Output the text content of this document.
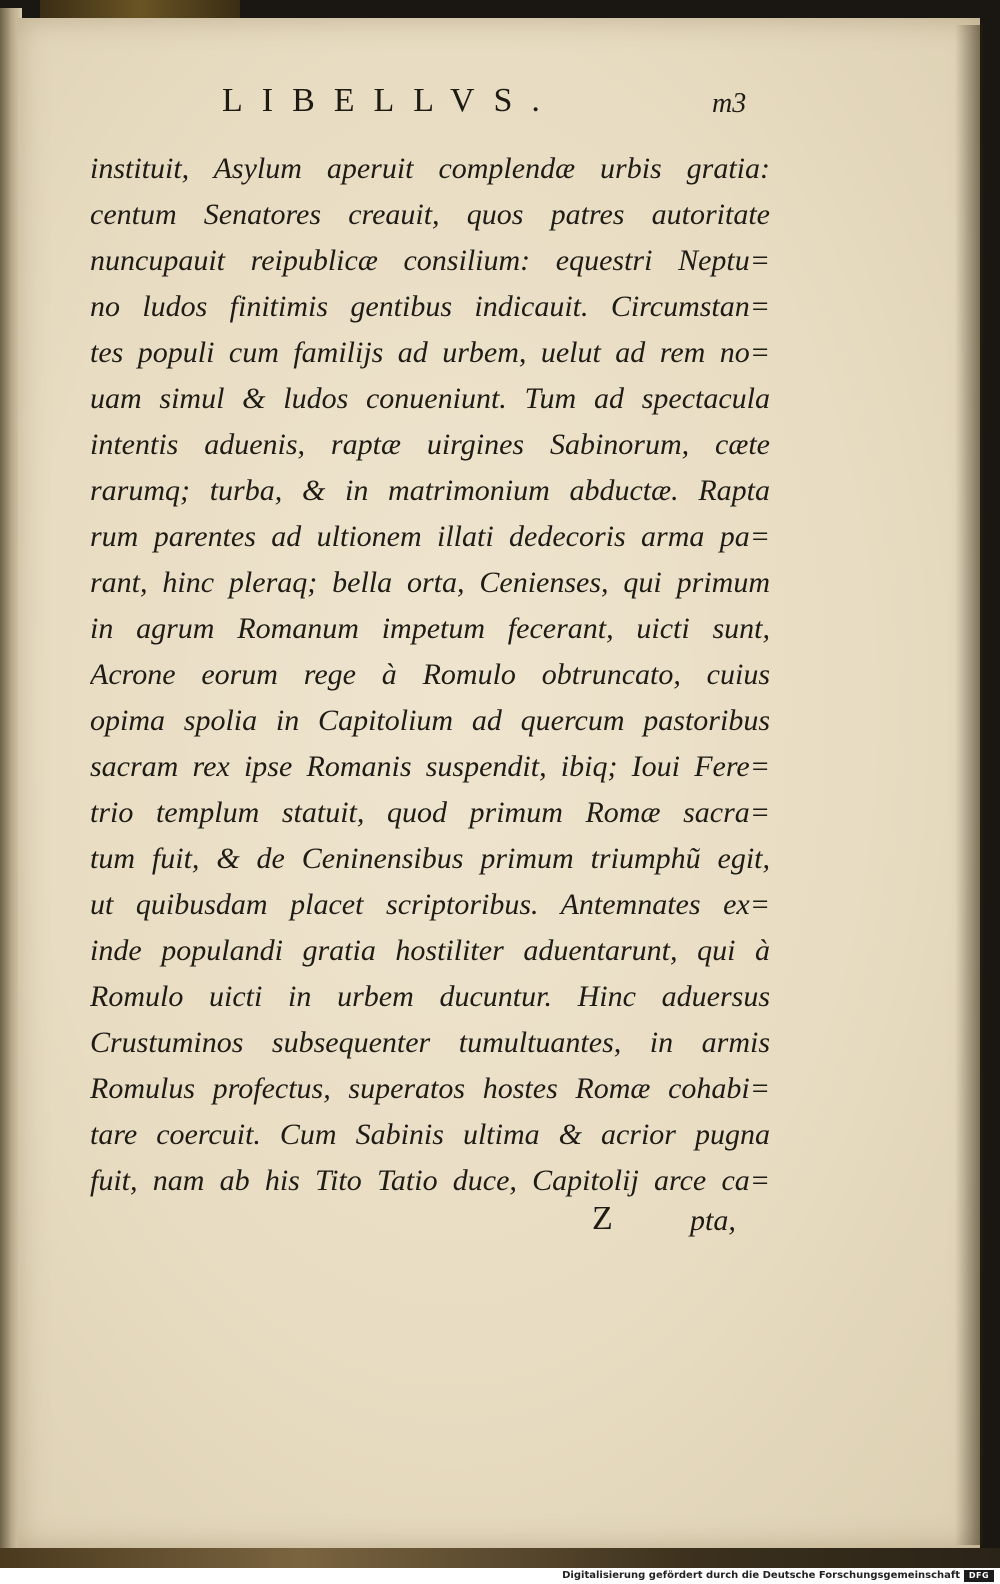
LIBELLVS.	m3
instituit, Asylum aperuit complendæ urbis gratia:
centum Senatores creauit, quos patres autoritate
nuncupauit reipublicæ consilium: equestri Neptu=
no ludos finitimis gentibus indicauit. Circumstan=
tes populi cum familijs ad urbem, uelut ad rem no=
uam simul & ludos conueniunt. Tum ad spectacula
intentis aduenis, raptæ uirgines Sabinorum, cæte
rarumq; turba, & in matrimonium abductæ. Rapta
rum parentes ad ultionem illati dedecoris arma pa=
rant, hinc pleraq; bella orta, Cenienses, qui primum
in agrum Romanum impetum fecerant, uicti sunt,
Acrone eorum rege à Romulo obtruncato, cuius
opima spolia in Capitolium ad quercum pastoribus
sacram rex ipse Romanis suspendit, ibiq; Ioui Fere=
trio templum statuit, quod primum Romæ sacra=
tum fuit, & de Ceninensibus primum triumphũ egit,
ut quibusdam placet scriptoribus. Antemnates ex=
inde populandi gratia hostiliter aduentarunt, qui à
Romulo uicti in urbem ducuntur. Hinc aduersus
Crustuminos subsequenter tumultuantes, in armis
Romulus profectus, superatos hostes Romæ cohabi=
tare coercuit. Cum Sabinis ultima & acrior pugna
fuit, nam ab his Tito Tatio duce, Capitolij arce ca=
Z	pta,
Digitalisierung gefördert durch die Deutsche Forschungsgemeinschaft	DFG
